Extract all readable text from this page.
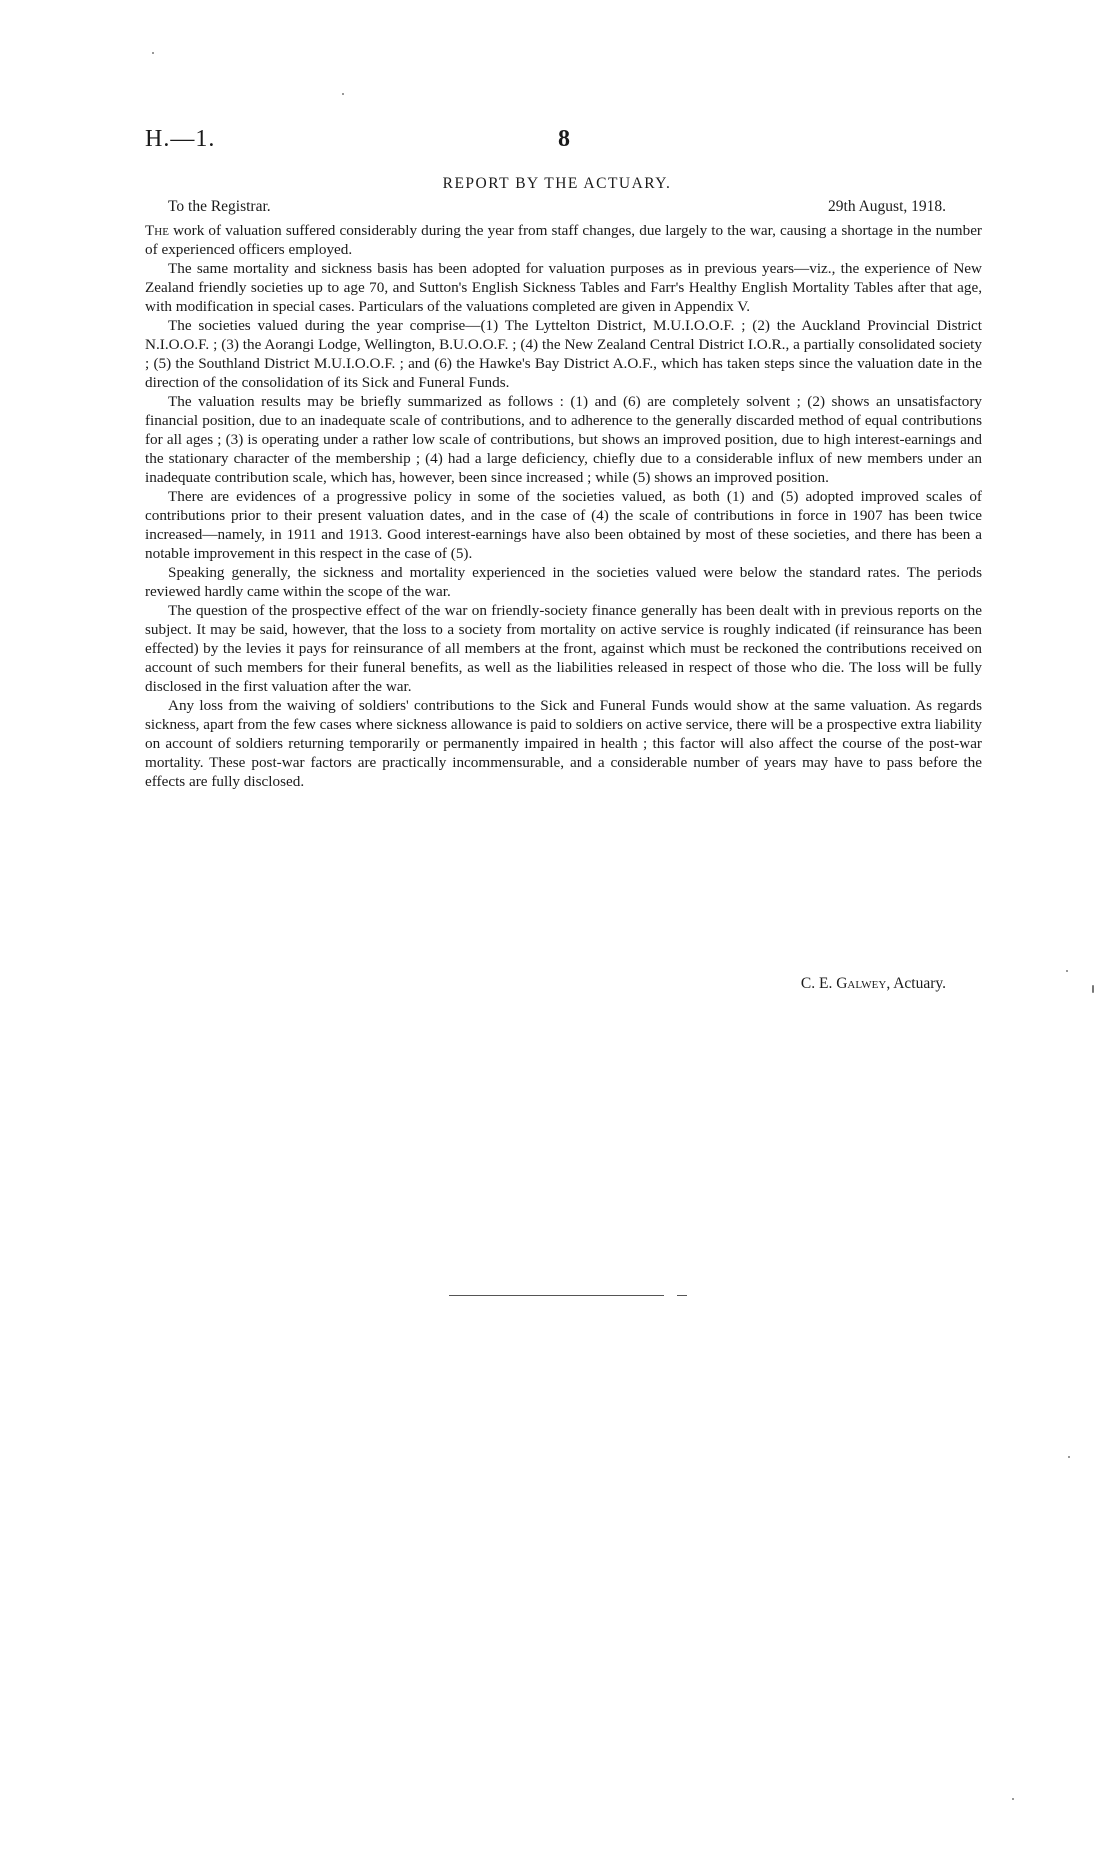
H.—1.	8
REPORT BY THE ACTUARY.
To the Registrar.	29th August, 1918.

The work of valuation suffered considerably during the year from staff changes, due largely to the war, causing a shortage in the number of experienced officers employed.

The same mortality and sickness basis has been adopted for valuation purposes as in previous years—viz., the experience of New Zealand friendly societies up to age 70, and Sutton's English Sickness Tables and Farr's Healthy English Mortality Tables after that age, with modification in special cases. Particulars of the valuations completed are given in Appendix V.

The societies valued during the year comprise—(1) The Lyttelton District, M.U.I.O.O.F. ; (2) the Auckland Provincial District N.I.O.O.F. ; (3) the Aorangi Lodge, Wellington, B.U.O.O.F. ; (4) the New Zealand Central District I.O.R., a partially consolidated society ; (5) the Southland District M.U.I.O.O.F. ; and (6) the Hawke's Bay District A.O.F., which has taken steps since the valuation date in the direction of the consolidation of its Sick and Funeral Funds.

The valuation results may be briefly summarized as follows : (1) and (6) are completely solvent ; (2) shows an unsatisfactory financial position, due to an inadequate scale of contributions, and to adherence to the generally discarded method of equal contributions for all ages ; (3) is operating under a rather low scale of contributions, but shows an improved position, due to high interest-earnings and the stationary character of the membership ; (4) had a large deficiency, chiefly due to a considerable influx of new members under an inadequate contribution scale, which has, however, been since increased ; while (5) shows an improved position.

There are evidences of a progressive policy in some of the societies valued, as both (1) and (5) adopted improved scales of contributions prior to their present valuation dates, and in the case of (4) the scale of contributions in force in 1907 has been twice increased—namely, in 1911 and 1913. Good interest-earnings have also been obtained by most of these societies, and there has been a notable improvement in this respect in the case of (5).

Speaking generally, the sickness and mortality experienced in the societies valued were below the standard rates. The periods reviewed hardly came within the scope of the war.

The question of the prospective effect of the war on friendly-society finance generally has been dealt with in previous reports on the subject. It may be said, however, that the loss to a society from mortality on active service is roughly indicated (if reinsurance has been effected) by the levies it pays for reinsurance of all members at the front, against which must be reckoned the contributions received on account of such members for their funeral benefits, as well as the liabilities released in respect of those who die. The loss will be fully disclosed in the first valuation after the war.

Any loss from the waiving of soldiers' contributions to the Sick and Funeral Funds would show at the same valuation. As regards sickness, apart from the few cases where sickness allowance is paid to soldiers on active service, there will be a prospective extra liability on account of soldiers returning temporarily or permanently impaired in health ; this factor will also affect the course of the post-war mortality. These post-war factors are practically incommensurable, and a considerable number of years may have to pass before the effects are fully disclosed.

C. E. Galwey, Actuary.
